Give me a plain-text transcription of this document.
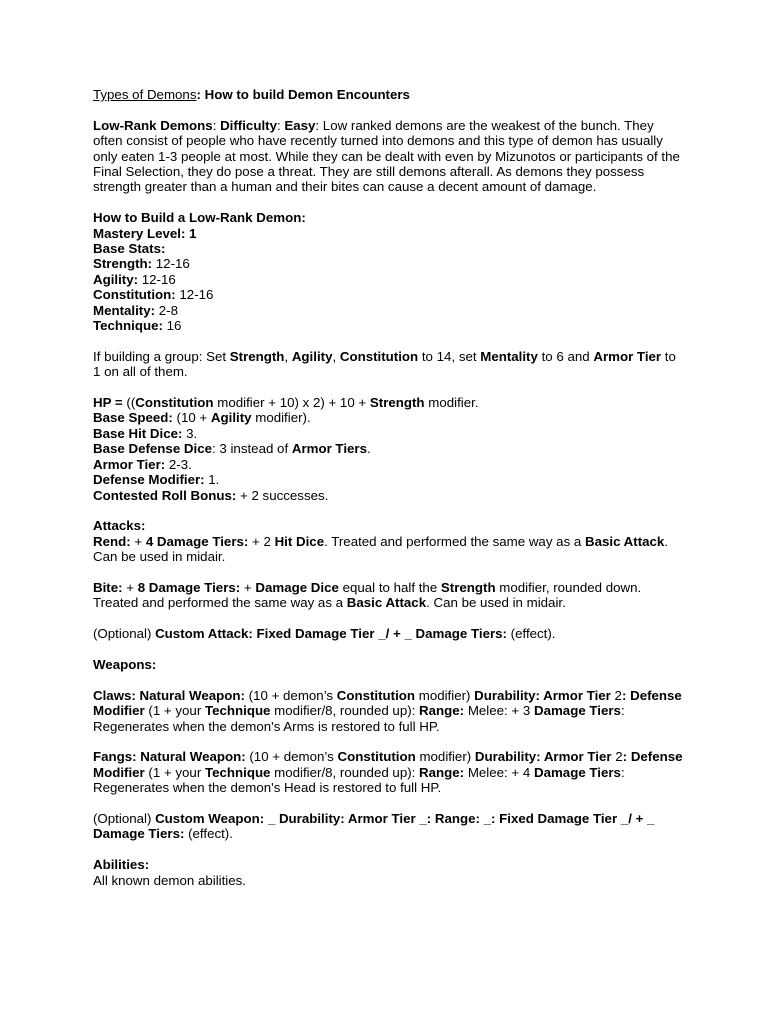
Types of Demons: How to build Demon Encounters

Low-Rank Demons: Difficulty: Easy: Low ranked demons are the weakest of the bunch. They often consist of people who have recently turned into demons and this type of demon has usually only eaten 1-3 people at most. While they can be dealt with even by Mizunotos or participants of the Final Selection, they do pose a threat. They are still demons afterall. As demons they possess strength greater than a human and their bites can cause a decent amount of damage.

How to Build a Low-Rank Demon:
Mastery Level: 1
Base Stats:
Strength: 12-16
Agility: 12-16
Constitution: 12-16
Mentality: 2-8
Technique: 16

If building a group: Set Strength, Agility, Constitution to 14, set Mentality to 6 and Armor Tier to 1 on all of them.

HP = ((Constitution modifier + 10) x 2) + 10 + Strength modifier.
Base Speed: (10 + Agility modifier).
Base Hit Dice: 3.
Base Defense Dice: 3 instead of Armor Tiers.
Armor Tier: 2-3.
Defense Modifier: 1.
Contested Roll Bonus: + 2 successes.

Attacks:
Rend: + 4 Damage Tiers: + 2 Hit Dice. Treated and performed the same way as a Basic Attack. Can be used in midair.

Bite: + 8 Damage Tiers: + Damage Dice equal to half the Strength modifier, rounded down. Treated and performed the same way as a Basic Attack. Can be used in midair.

(Optional) Custom Attack: Fixed Damage Tier _/ + _ Damage Tiers: (effect).

Weapons:

Claws: Natural Weapon: (10 + demon’s Constitution modifier) Durability: Armor Tier 2: Defense Modifier (1 + your Technique modifier/8, rounded up): Range: Melee: + 3 Damage Tiers: Regenerates when the demon's Arms is restored to full HP.

Fangs: Natural Weapon: (10 + demon’s Constitution modifier) Durability: Armor Tier 2: Defense Modifier (1 + your Technique modifier/8, rounded up): Range: Melee: + 4 Damage Tiers: Regenerates when the demon's Head is restored to full HP.

(Optional) Custom Weapon: _ Durability: Armor Tier _: Range: _: Fixed Damage Tier _/ + _ Damage Tiers: (effect).

Abilities:
All known demon abilities.
